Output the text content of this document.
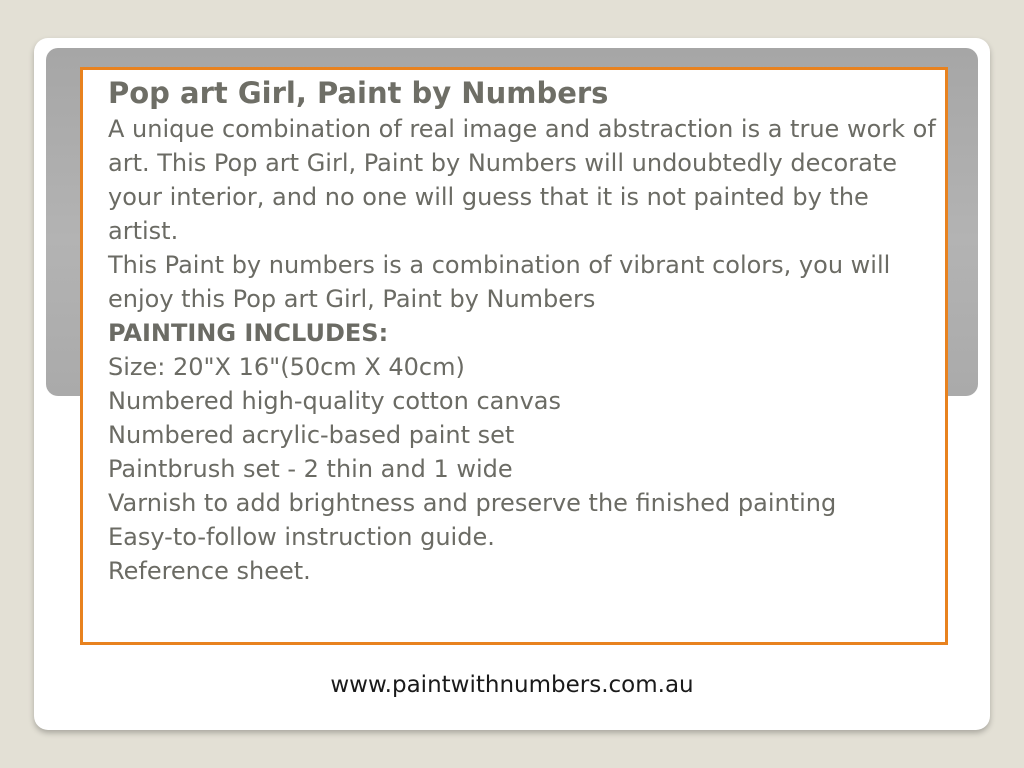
Pop art Girl, Paint by Numbers
A unique combination of real image and abstraction is a true work of art. This Pop art Girl, Paint by Numbers will undoubtedly decorate your interior, and no one will guess that it is not painted by the artist.
This Paint by numbers is a combination of vibrant colors, you will enjoy this Pop art Girl, Paint by Numbers
PAINTING INCLUDES:
Size: 20"X 16"(50cm X 40cm)
Numbered high-quality cotton canvas
Numbered acrylic-based paint set
Paintbrush set - 2 thin and 1 wide
Varnish to add brightness and preserve the finished painting
Easy-to-follow instruction guide.
Reference sheet.
www.paintwithnumbers.com.au
